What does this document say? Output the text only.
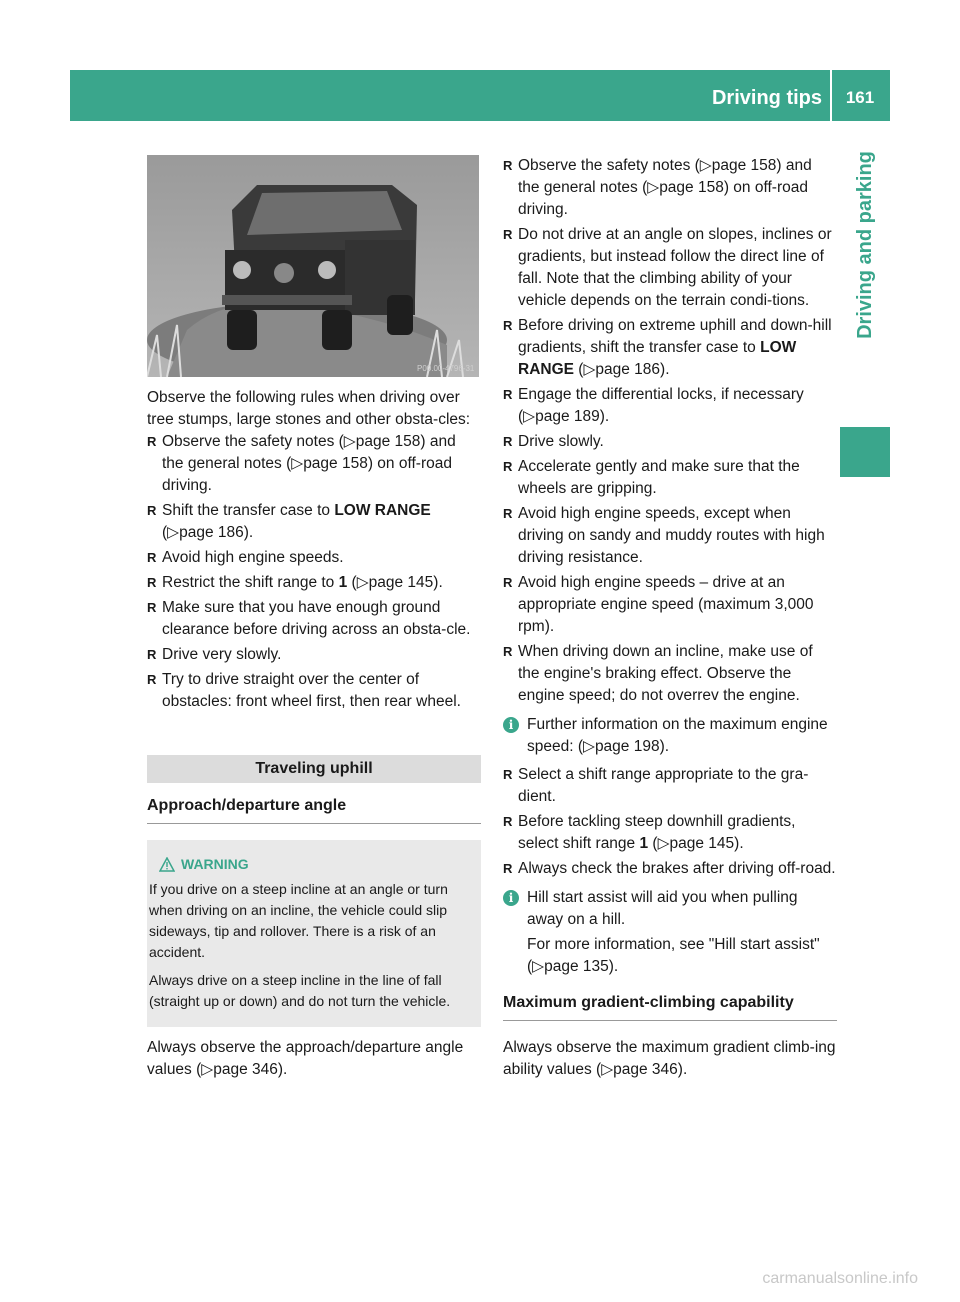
Driving tips	161
Driving and parking
P00.00-4796-31

Observe the following rules when driving over tree stumps, large stones and other obsta-cles:

R Observe the safety notes (▷page 158) and the general notes (▷page 158) on off-road driving.
R Shift the transfer case to LOW RANGE (▷page 186).
R Avoid high engine speeds.
R Restrict the shift range to 1 (▷page 145).
R Make sure that you have enough ground clearance before driving across an obsta-cle.
R Drive very slowly.
R Try to drive straight over the center of obstacles: front wheel first, then rear wheel.
Traveling uphill
Approach/departure angle
WARNING

If you drive on a steep incline at an angle or turn when driving on an incline, the vehicle could slip sideways, tip and rollover. There is a risk of an accident.

Always drive on a steep incline in the line of fall (straight up or down) and do not turn the vehicle.

Always observe the approach/departure angle values (▷page 346).

R Observe the safety notes (▷page 158) and the general notes (▷page 158) on off-road driving.
R Do not drive at an angle on slopes, inclines or gradients, but instead follow the direct line of fall. Note that the climbing ability of your vehicle depends on the terrain condi-tions.
R Before driving on extreme uphill and down-hill gradients, shift the transfer case to LOW RANGE (▷page 186).
R Engage the differential locks, if necessary (▷page 189).
R Drive slowly.
R Accelerate gently and make sure that the wheels are gripping.
R Avoid high engine speeds, except when driving on sandy and muddy routes with high driving resistance.
R Avoid high engine speeds – drive at an appropriate engine speed (maximum 3,000 rpm).
R When driving down an incline, make use of the engine's braking effect. Observe the engine speed; do not overrev the engine.
i Further information on the maximum engine speed: (▷page 198).

R Select a shift range appropriate to the gra-dient.
R Before tackling steep downhill gradients, select shift range 1 (▷page 145).
R Always check the brakes after driving off-road.
i Hill start assist will aid you when pulling away on a hill.

For more information, see "Hill start assist" (▷page 135).

Maximum gradient-climbing capability

Always observe the maximum gradient climb-ing ability values (▷page 346).

carmanualsonline.info
